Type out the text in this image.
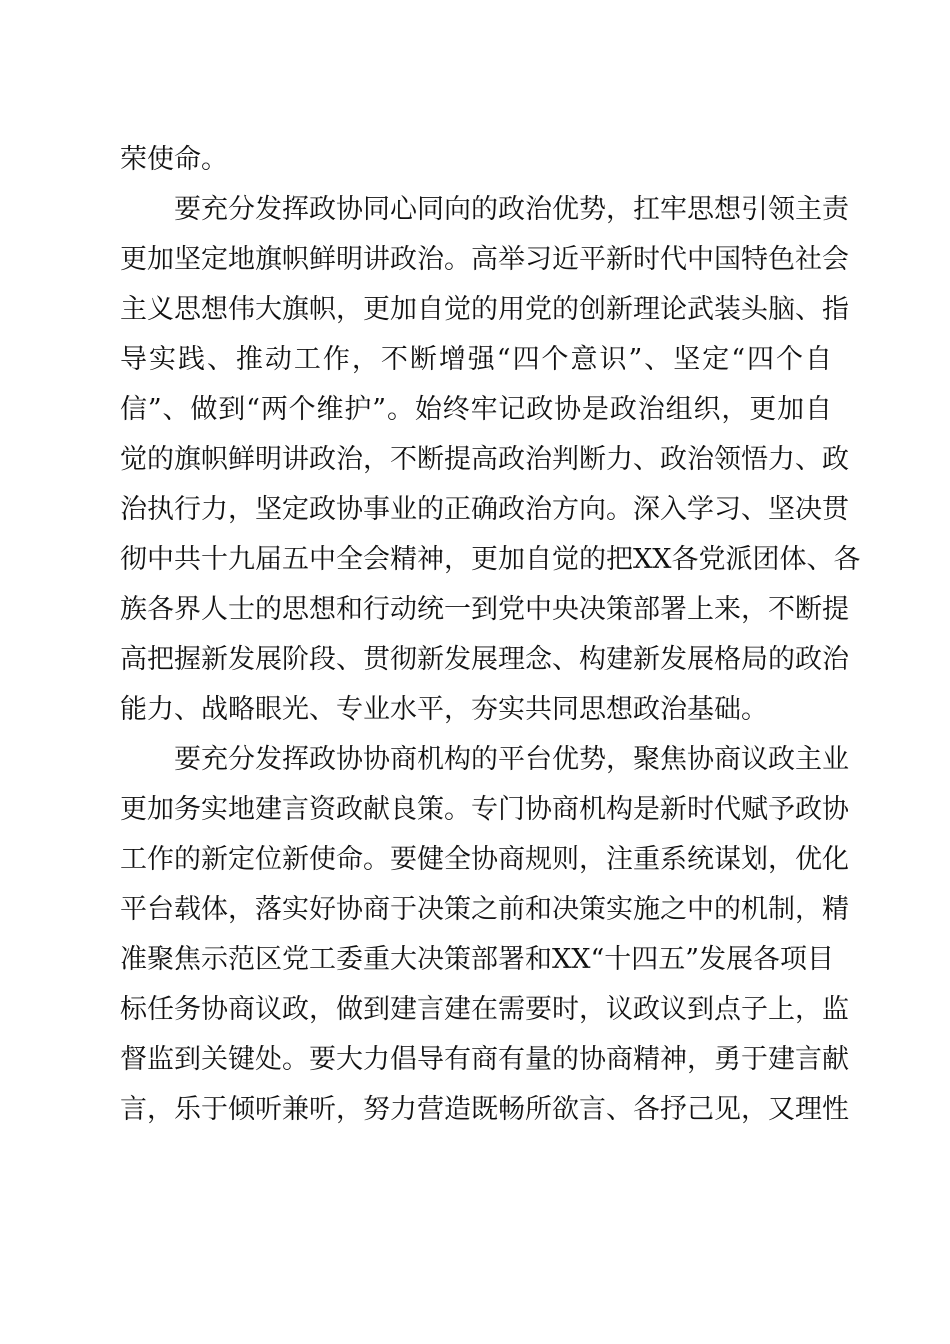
荣使命。
要充分发挥政协同心同向的政治优势，扛牢思想引领主责
更加坚定地旗帜鲜明讲政治。高举习近平新时代中国特色社会
主义思想伟大旗帜，更加自觉的用党的创新理论武装头脑、指
导实践、推动工作，不断增强“四个意识”、坚定“四个自
信”、做到“两个维护”。始终牢记政协是政治组织，更加自
觉的旗帜鲜明讲政治，不断提高政治判断力、政治领悟力、政
治执行力，坚定政协事业的正确政治方向。深入学习、坚决贯
彻中共十九届五中全会精神，更加自觉的把XX各党派团体、各
族各界人士的思想和行动统一到党中央决策部署上来，不断提
高把握新发展阶段、贯彻新发展理念、构建新发展格局的政治
能力、战略眼光、专业水平，夯实共同思想政治基础。
要充分发挥政协协商机构的平台优势，聚焦协商议政主业
更加务实地建言资政献良策。专门协商机构是新时代赋予政协
工作的新定位新使命。要健全协商规则，注重系统谋划，优化
平台载体，落实好协商于决策之前和决策实施之中的机制，精
准聚焦示范区党工委重大决策部署和XX“十四五”发展各项目
标任务协商议政，做到建言建在需要时，议政议到点子上，监
督监到关键处。要大力倡导有商有量的协商精神，勇于建言献
言，乐于倾听兼听，努力营造既畅所欲言、各抒己见，又理性
